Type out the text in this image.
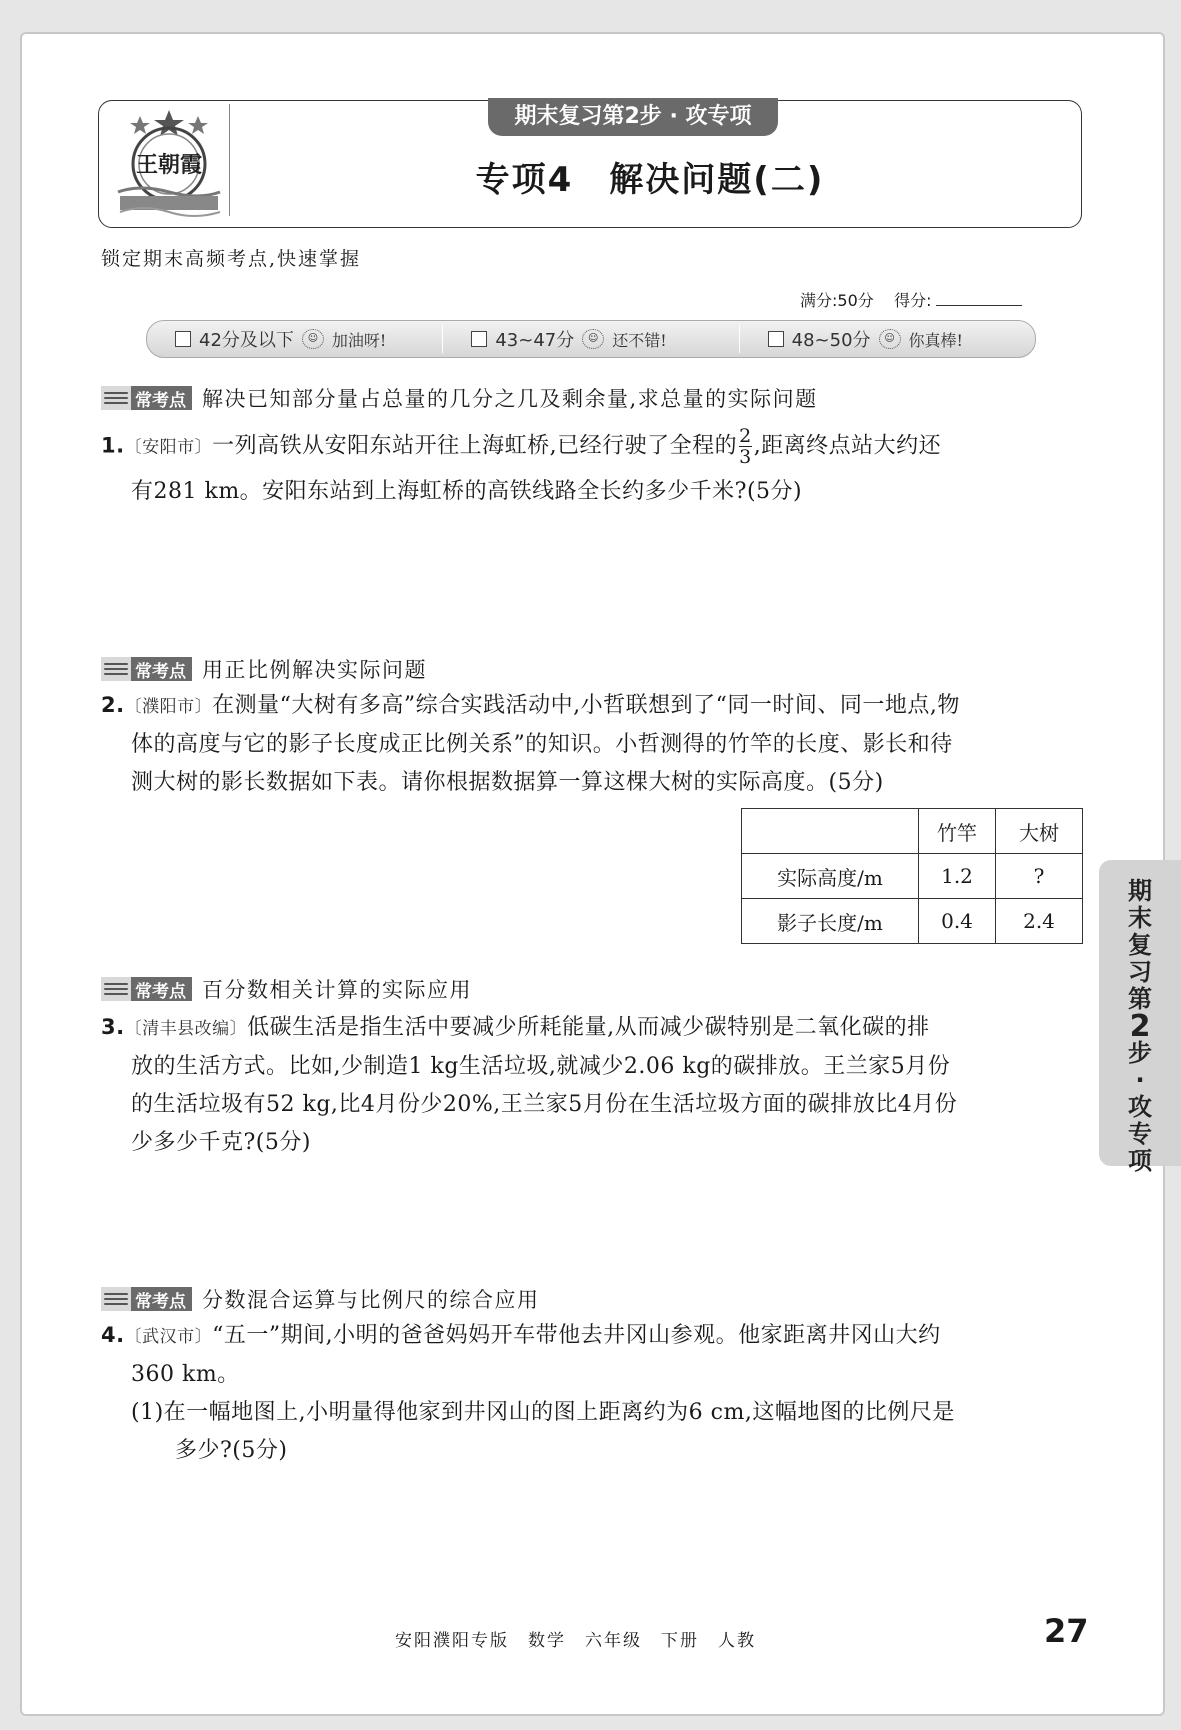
王朝霞
期末复习第2步 · 攻专项
专项4　解决问题(二)
锁定期末高频考点,快速掌握
满分:50分 得分:
42分及以下	☺ 加油呀!	43~47分	☺ 还不错!	48~50分	☺ 你真棒!
常考点 解决已知部分量占总量的几分之几及剩余量,求总量的实际问题
1.〔安阳市〕一列高铁从安阳东站开往上海虹桥,已经行驶了全程的 $\frac{2}{3}$ ,距离终点站大约还
有281 km。安阳东站到上海虹桥的高铁线路全长约多少千米?(5分)
常考点 用正比例解决实际问题
2.〔濮阳市〕在测量“大树有多高”综合实践活动中,小哲联想到了“同一时间、同一地点,物
体的高度与它的影子长度成正比例关系”的知识。小哲测得的竹竿的长度、影长和待
测大树的影长数据如下表。请你根据数据算一算这棵大树的实际高度。(5分)
	竹竿	大树
实际高度/m	1.2	?
影子长度/m	0.4	2.4
常考点 百分数相关计算的实际应用
3.〔清丰县改编〕低碳生活是指生活中要减少所耗能量,从而减少碳特别是二氧化碳的排
放的生活方式。比如,少制造1 kg生活垃圾,就减少2.06 kg的碳排放。王兰家5月份
的生活垃圾有52 kg,比4月份少20%,王兰家5月份在生活垃圾方面的碳排放比4月份
少多少千克?(5分)
常考点 分数混合运算与比例尺的综合应用
4.〔武汉市〕“五一”期间,小明的爸爸妈妈开车带他去井冈山参观。他家距离井冈山大约
360 km。
(1)在一幅地图上,小明量得他家到井冈山的图上距离约为6 cm,这幅地图的比例尺是
多少?(5分)
期
末
复
习
第
2
步
·
攻
专
项
安阳濮阳专版　数学　六年级　下册　人教	27
